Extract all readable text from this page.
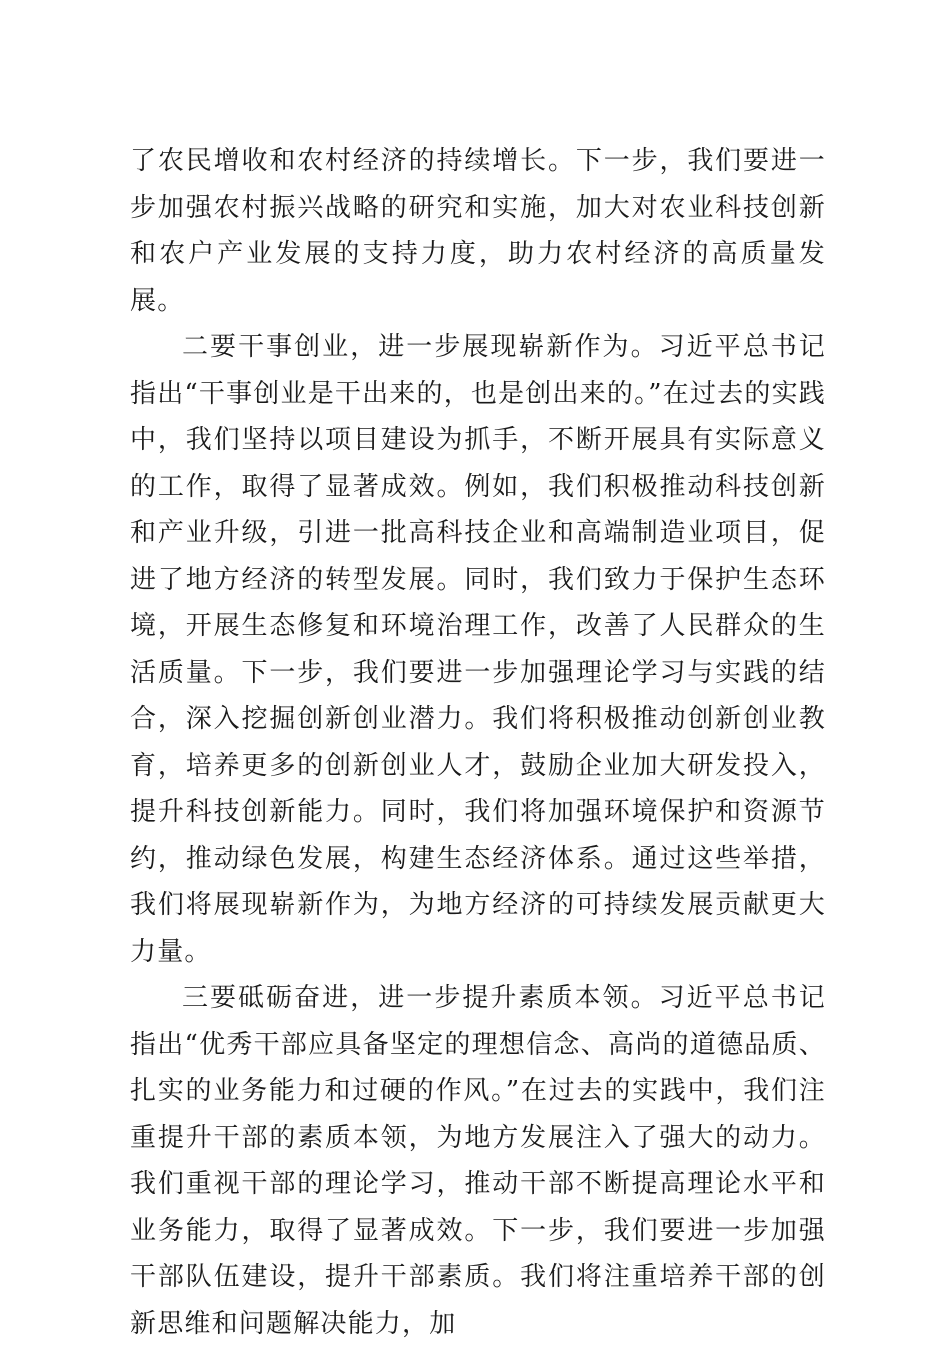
了农民增收和农村经济的持续增长。下一步，我们要进一步加强农村振兴战略的研究和实施，加大对农业科技创新和农户产业发展的支持力度，助力农村经济的高质量发展。

二要干事创业，进一步展现崭新作为。习近平总书记指出“干事创业是干出来的，也是创出来的。”在过去的实践中，我们坚持以项目建设为抓手，不断开展具有实际意义的工作，取得了显著成效。例如，我们积极推动科技创新和产业升级，引进一批高科技企业和高端制造业项目，促进了地方经济的转型发展。同时，我们致力于保护生态环境，开展生态修复和环境治理工作，改善了人民群众的生活质量。下一步，我们要进一步加强理论学习与实践的结合，深入挖掘创新创业潜力。我们将积极推动创新创业教育，培养更多的创新创业人才，鼓励企业加大研发投入，提升科技创新能力。同时，我们将加强环境保护和资源节约，推动绿色发展，构建生态经济体系。通过这些举措，我们将展现崭新作为，为地方经济的可持续发展贡献更大力量。

三要砥砺奋进，进一步提升素质本领。习近平总书记指出“优秀干部应具备坚定的理想信念、高尚的道德品质、扎实的业务能力和过硬的作风。”在过去的实践中，我们注重提升干部的素质本领，为地方发展注入了强大的动力。我们重视干部的理论学习，推动干部不断提高理论水平和业务能力，取得了显著成效。下一步，我们要进一步加强干部队伍建设，提升干部素质。我们将注重培养干部的创新思维和问题解决能力，加
